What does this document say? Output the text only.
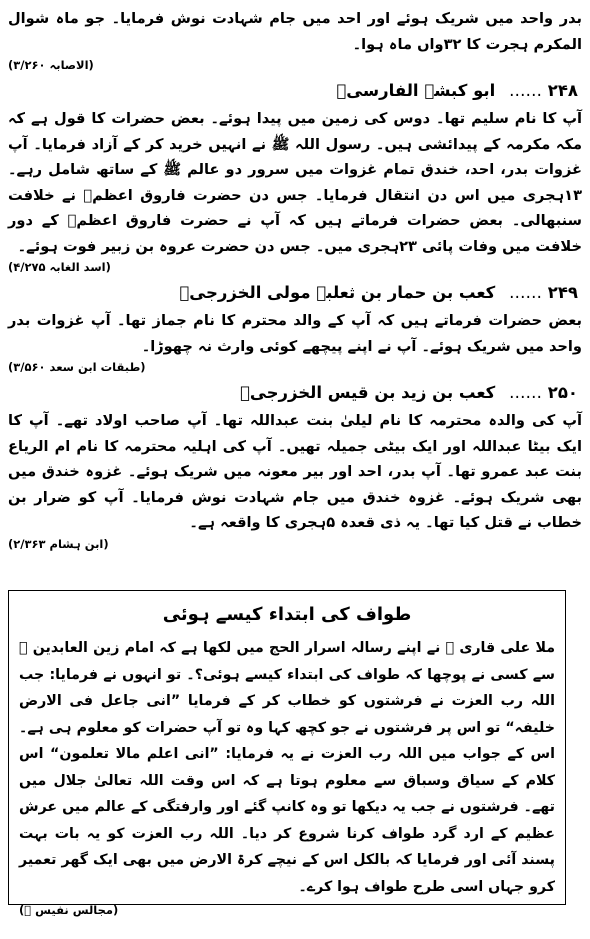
بدر واحد میں شریک ہوئے اور احد میں جام شہادت نوش فرمایا۔ جو ماہ شوال المکرم ہجرت کا ۳۲واں ماہ ہوا۔

(الاصابہ ۳/۲۶۰)

۲۴۸ …… ابو کبشہ الفارسیؓ

آپ کا نام سلیم تھا۔ دوس کی زمین میں پیدا ہوئے۔ بعض حضرات کا قول ہے کہ مکہ مکرمہ کے پیدائشی ہیں۔ رسول اللہ ﷺ نے انہیں خرید کر کے آزاد فرمایا۔ آپ غزوات بدر، احد، خندق تمام غزوات میں سرور دو عالم ﷺ کے ساتھ شامل رہے۔ ۱۳ہجری میں اس دن انتقال فرمایا۔ جس دن حضرت فاروق اعظمؓ نے خلافت سنبھالی۔ بعض حضرات فرماتے ہیں کہ آپ نے حضرت فاروق اعظمؓ کے دور خلافت میں وفات پائی ۲۳ہجری میں۔ جس دن حضرت عروہ بن زبیر فوت ہوئے۔

(اسد الغابہ ۴/۲۷۵)

۲۴۹ …… کعب بن حمار بن ثعلبہ مولی الخزرجیؓ

بعض حضرات فرماتے ہیں کہ آپ کے والد محترم کا نام جماز تھا۔ آپ غزوات بدر واحد میں شریک ہوئے۔ آپ نے اپنے پیچھے کوئی وارث نہ چھوڑا۔

(طبقات ابن سعد ۳/۵۶۰)

۲۵۰ …… کعب بن زید بن قیس الخزرجیؓ

آپ کی والدہ محترمہ کا نام لیلیٰ بنت عبداللہ تھا۔ آپ صاحب اولاد تھے۔ آپ کا ایک بیٹا عبداللہ اور ایک بیٹی جمیلہ تھیں۔ آپ کی اہلیہ محترمہ کا نام ام الریاع بنت عبد عمرو تھا۔ آپ بدر، احد اور بیر معونہ میں شریک ہوئے۔ غزوہ خندق میں بھی شریک ہوئے۔ غزوہ خندق میں جام شہادت نوش فرمایا۔ آپ کو ضرار بن خطاب نے قتل کیا تھا۔ یہ ذی قعدہ ۵ہجری کا واقعہ ہے۔

(ابن ہشام ۲/۳۶۳)

طواف کی ابتداء کیسے ہوئی

ملا علی قاری ﷫ نے اپنے رسالہ اسرار الحج میں لکھا ہے کہ امام زین العابدین ﷫ سے کسی نے پوچھا کہ طواف کی ابتداء کیسے ہوئی؟۔ تو انہوں نے فرمایا: جب اللہ رب العزت نے فرشتوں کو خطاب کر کے فرمایا ”انی جاعل فی الارض خلیفہ“ تو اس پر فرشتوں نے جو کچھ کہا وہ تو آپ حضرات کو معلوم ہی ہے۔ اس کے جواب میں اللہ رب العزت نے یہ فرمایا: ”انی اعلم مالا تعلمون“ اس کلام کے سیاق وسباق سے معلوم ہوتا ہے کہ اس وقت اللہ تعالیٰ جلال میں تھے۔ فرشتوں نے جب یہ دیکھا تو وہ کانپ گئے اور وارفتگی کے عالم میں عرش عظیم کے ارد گرد طواف کرنا شروع کر دیا۔ اللہ رب العزت کو یہ بات بہت پسند آئی اور فرمایا کہ بالکل اس کے نیچے کرۃ الارض میں بھی ایک گھر تعمیر کرو جہاں اسی طرح طواف ہوا کرے۔

(مجالس نفیس ﷫)
